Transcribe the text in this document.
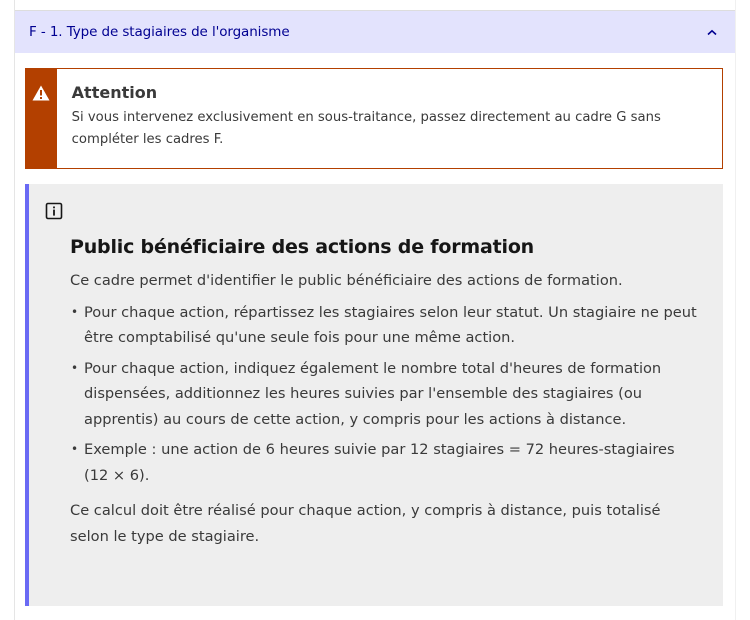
F - 1. Type de stagiaires de l'organisme
Attention
Si vous intervenez exclusivement en sous-traitance, passez directement au cadre G sans compléter les cadres F.
Public bénéficiaire des actions de formation

Ce cadre permet d'identifier le public bénéficiaire des actions de formation.

• Pour chaque action, répartissez les stagiaires selon leur statut. Un stagiaire ne peut être comptabilisé qu'une seule fois pour une même action.
• Pour chaque action, indiquez également le nombre total d'heures de formation dispensées, additionnez les heures suivies par l'ensemble des stagiaires (ou apprentis) au cours de cette action, y compris pour les actions à distance.
• Exemple : une action de 6 heures suivie par 12 stagiaires = 72 heures-stagiaires (12 × 6).

Ce calcul doit être réalisé pour chaque action, y compris à distance, puis totalisé selon le type de stagiaire.
